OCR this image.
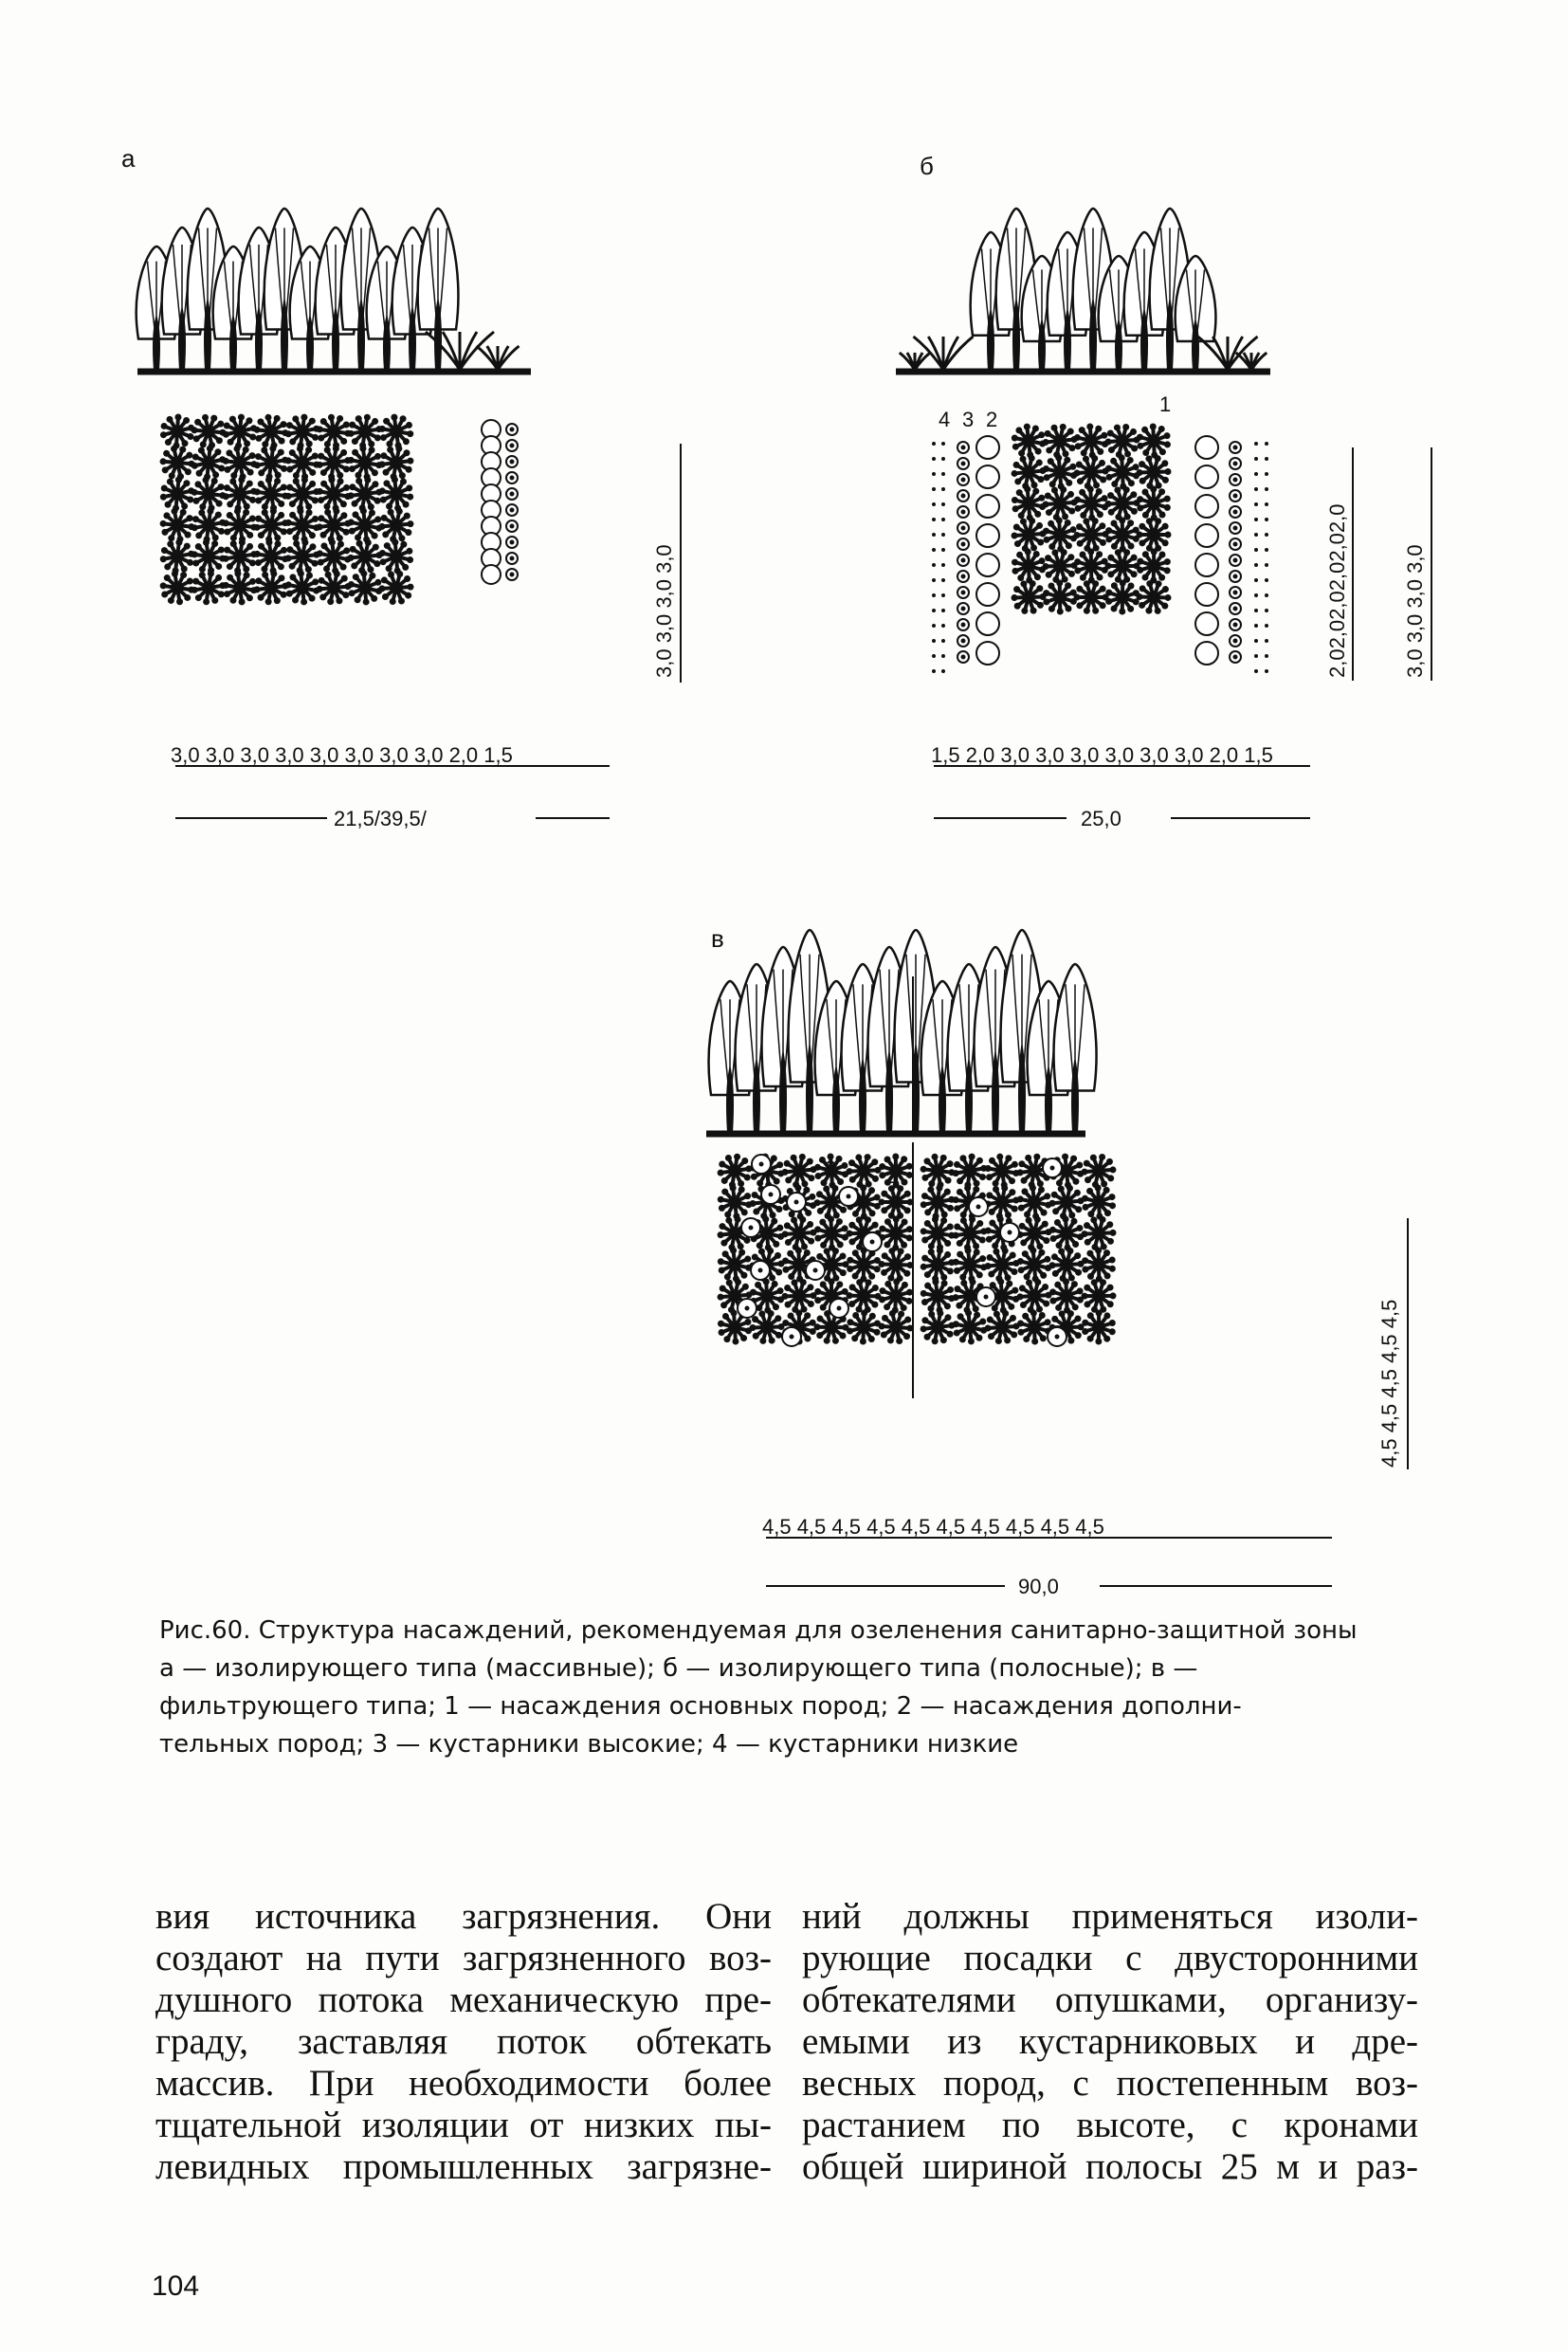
а
3,0 3,0 3,0 3,0
3,0 3,0 3,0 3,0 3,0 3,0 3,0 3,0 2,0 1,5
21,5/39,5/
б
4 3 2
1
2,02,02,02,02,02,0	3,0 3,0 3,0 3,0
1,5 2,0 3,0 3,0 3,0 3,0 3,0 3,0 2,0 1,5
25,0
в
2 1
4,5 4,5 4,5 4,5 4,5
4,5 4,5 4,5 4,5 4,5 4,5 4,5 4,5 4,5 4,5
90,0
Рис.60. Структура насаждений, рекомендуемая для озеленения санитарно-защитной зоны
а — изолирующего типа (массивные); б — изолирующего типа (полосные); в —
фильтрующего типа; 1 — насаждения основных пород; 2 — насаждения дополни-
тельных пород; 3 — кустарники высокие; 4 — кустарники низкие
вия источника загрязнения. Они
создают на пути загрязненного воз-
душного потока механическую пре-
граду, заставляя поток обтекать
массив. При необходимости более
тщательной изоляции от низких пы-
левидных промышленных загрязне-
ний должны применяться изоли-
рующие посадки с двусторонними
обтекателями опушками, организу-
емыми из кустарниковых и дре-
весных пород, с постепенным воз-
растанием по высоте, с кронами
общей шириной полосы 25 м и раз-
104
